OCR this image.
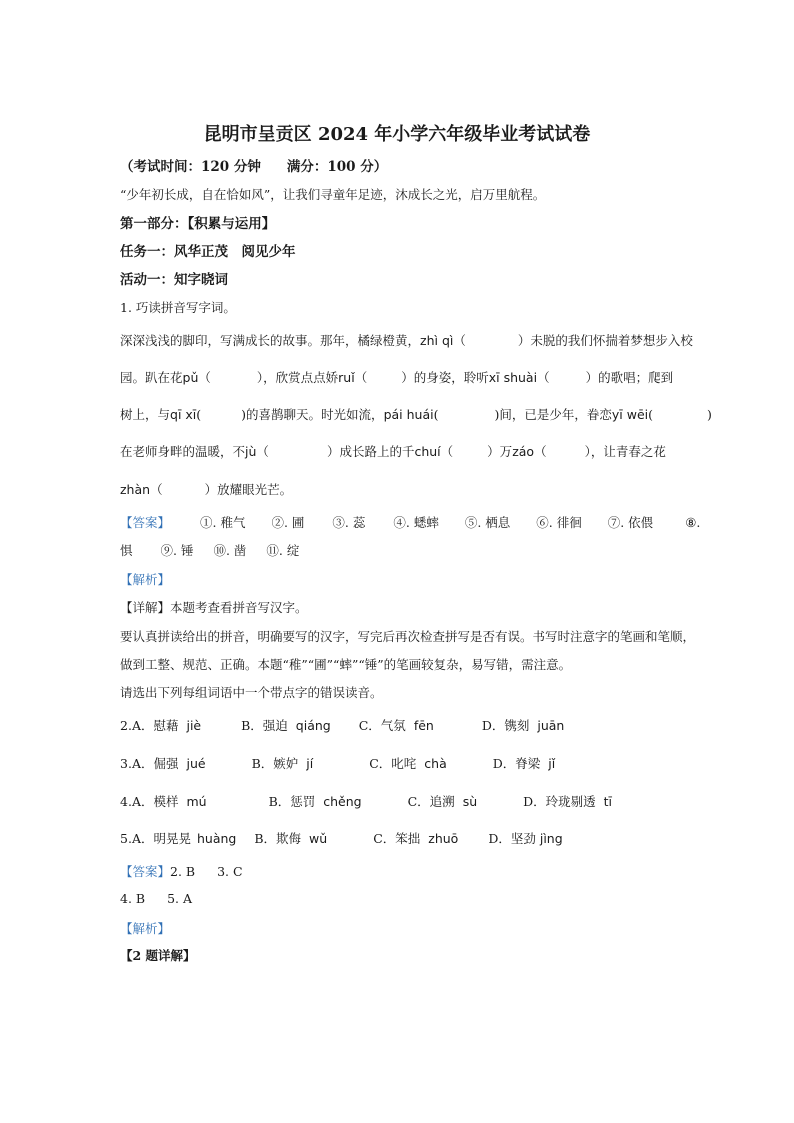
昆明市呈贡区 2024 年小学六年级毕业考试试卷
（考试时间：120 分钟 满分：100 分）
“少年初长成，自在恰如风”，让我们寻童年足迹，沐成长之光，启万里航程。
第一部分：【积累与运用】
任务一：风华正茂　阅见少年
活动一：知字晓词
1. 巧读拼音写字词。
深深浅浅的脚印，写满成长的故事。那年，橘绿橙黄，zhì qì（	）未脱的我们怀揣着梦想步入校
园。趴在花pǔ（	），欣赏点点娇ruǐ（	）的身姿，聆听xī shuài（	）的歌唱；爬到
树上，与qī xī(	)的喜鹊聊天。时光如流，pái huái(	)间，已是少年，眷恋yī wēi(	)
在老师身畔的温暖，不jù（	）成长路上的千chuí（	）万záo（	），让青春之花
zhàn（	）放耀眼光芒。
【答案】 ①. 稚气 ②. 圃 ③. 蕊 ④. 蟋蟀 ⑤. 栖息 ⑥. 徘徊 ⑦. 依偎	⑧.
惧 ⑨. 锤 ⑩. 凿 ⑪. 绽
【解析】
【详解】本题考查看拼音写汉字。
要认真拼读给出的拼音，明确要写的汉字，写完后再次检查拼写是否有误。书写时注意字的笔画和笔顺，
做到工整、规范、正确。本题“稚”“圃”“蟀”“锤”的笔画较复杂，易写错，需注意。
请选出下列每组词语中一个带点字的错误读音。
2.A．慰藉 jiè	B．强迫 qiáng C．气氛 fēn	D．镌刻 juān
3.A．倔强 jué	B．嫉妒 jí	C．叱咤 chà	D．脊梁 jǐ
4.A．模样 mú	B．惩罚 chěng	C．追溯 sù	D．玲珑剔透 tī
5.A．明晃晃 huàng B．欺侮 wǔ	C．笨拙 zhuō D．坚劲 jìng
【答案】2. B 3. C
4. B 5. A
【解析】
【2 题详解】
